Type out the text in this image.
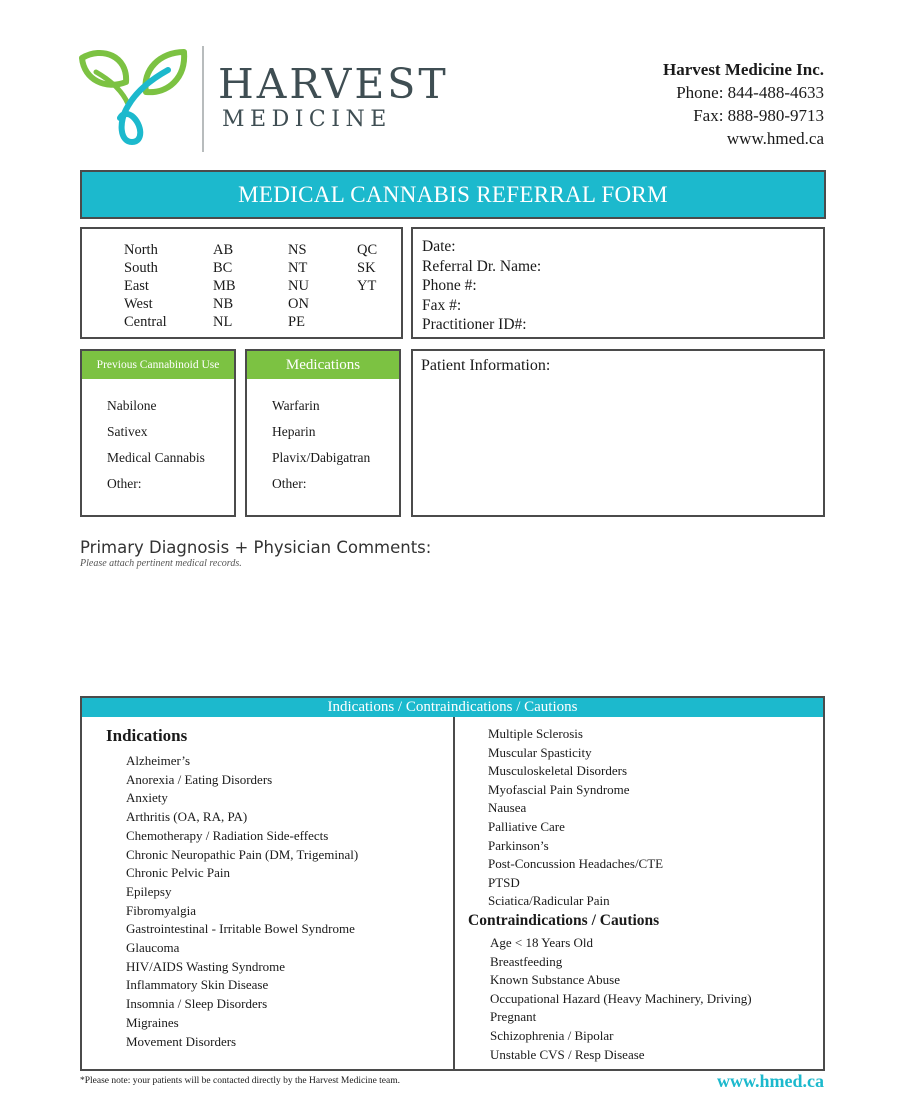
HARVEST
MEDICINE
Harvest Medicine Inc.
Phone: 844-488-4633
Fax: 888-980-9713
www.hmed.ca
MEDICAL CANNABIS REFERRAL FORM
North
South
East
West
Central
AB
BC
MB
NB
NL
NS
NT
NU
ON
PE
QC
SK
YT
Date:
Referral Dr. Name:
Phone #:
Fax #:
Practitioner ID#:
Previous Cannabinoid Use
Nabilone
Sativex
Medical Cannabis
Other:
Medications
Warfarin
Heparin
Plavix/Dabigatran
Other:
Patient Information:
Primary Diagnosis + Physician Comments:
Please attach pertinent medical records.
Indications / Contraindications / Cautions
Indications
Alzheimer’s
Anorexia / Eating Disorders
Anxiety
Arthritis (OA, RA, PA)
Chemotherapy / Radiation Side-effects
Chronic Neuropathic Pain (DM, Trigeminal)
Chronic Pelvic Pain
Epilepsy
Fibromyalgia
Gastrointestinal - Irritable Bowel Syndrome
Glaucoma
HIV/AIDS Wasting Syndrome
Inflammatory Skin Disease
Insomnia / Sleep Disorders
Migraines
Movement Disorders
Multiple Sclerosis
Muscular Spasticity
Musculoskeletal Disorders
Myofascial Pain Syndrome
Nausea
Palliative Care
Parkinson’s
Post-Concussion Headaches/CTE
PTSD
Sciatica/Radicular Pain
Contraindications / Cautions
Age < 18 Years Old
Breastfeeding
Known Substance Abuse
Occupational Hazard (Heavy Machinery, Driving)
Pregnant
Schizophrenia / Bipolar
Unstable CVS / Resp Disease
*Please note: your patients will be contacted directly by the Harvest Medicine team.	www.hmed.ca
